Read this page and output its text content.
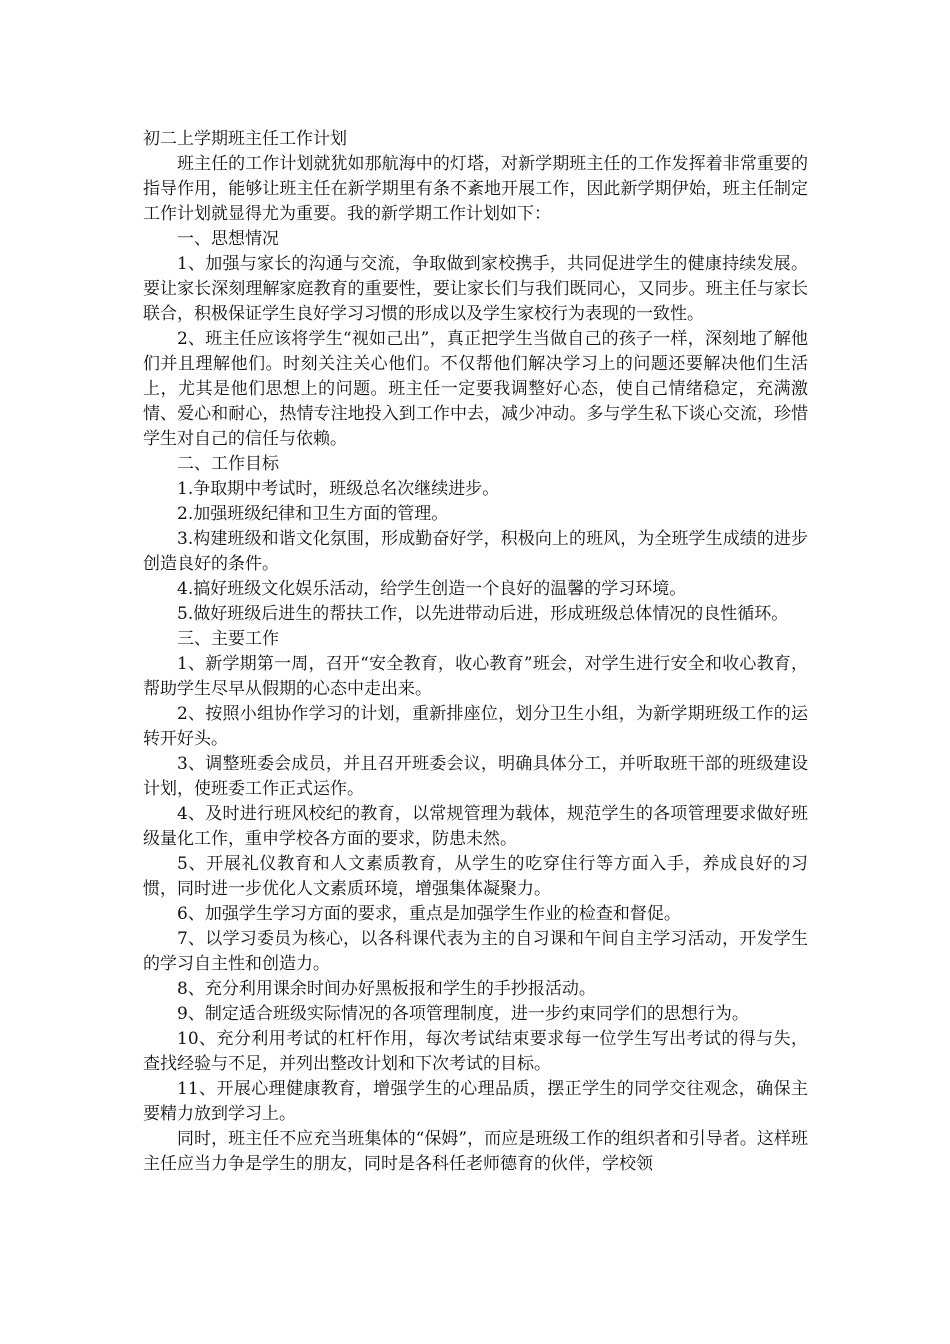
初二上学期班主任工作计划

班主任的工作计划就犹如那航海中的灯塔，对新学期班主任的工作发挥着非常重要的指导作用，能够让班主任在新学期里有条不紊地开展工作，因此新学期伊始，班主任制定工作计划就显得尤为重要。我的新学期工作计划如下：

一、思想情况

1、加强与家长的沟通与交流，争取做到家校携手，共同促进学生的健康持续发展。要让家长深刻理解家庭教育的重要性，要让家长们与我们既同心，又同步。班主任与家长联合，积极保证学生良好学习习惯的形成以及学生家校行为表现的一致性。

2、班主任应该将学生“视如己出”，真正把学生当做自己的孩子一样，深刻地了解他们并且理解他们。时刻关注关心他们。不仅帮他们解决学习上的问题还要解决他们生活上，尤其是他们思想上的问题。班主任一定要我调整好心态，使自己情绪稳定，充满激情、爱心和耐心，热情专注地投入到工作中去，减少冲动。多与学生私下谈心交流，珍惜学生对自己的信任与依赖。

二、工作目标

1.争取期中考试时，班级总名次继续进步。

2.加强班级纪律和卫生方面的管理。

3.构建班级和谐文化氛围，形成勤奋好学，积极向上的班风，为全班学生成绩的进步创造良好的条件。

4.搞好班级文化娱乐活动，给学生创造一个良好的温馨的学习环境。

5.做好班级后进生的帮扶工作，以先进带动后进，形成班级总体情况的良性循环。

三、主要工作

1、新学期第一周，召开“安全教育，收心教育”班会，对学生进行安全和收心教育，帮助学生尽早从假期的心态中走出来。

2、按照小组协作学习的计划，重新排座位，划分卫生小组，为新学期班级工作的运转开好头。

3、调整班委会成员，并且召开班委会议，明确具体分工，并听取班干部的班级建设计划，使班委工作正式运作。

4、及时进行班风校纪的教育，以常规管理为载体，规范学生的各项管理要求做好班级量化工作，重申学校各方面的要求，防患未然。

5、开展礼仪教育和人文素质教育，从学生的吃穿住行等方面入手，养成良好的习惯，同时进一步优化人文素质环境，增强集体凝聚力。

6、加强学生学习方面的要求，重点是加强学生作业的检查和督促。

7、以学习委员为核心，以各科课代表为主的自习课和午间自主学习活动，开发学生的学习自主性和创造力。

8、充分利用课余时间办好黑板报和学生的手抄报活动。

9、制定适合班级实际情况的各项管理制度，进一步约束同学们的思想行为。

10、充分利用考试的杠杆作用，每次考试结束要求每一位学生写出考试的得与失，查找经验与不足，并列出整改计划和下次考试的目标。

11、开展心理健康教育，增强学生的心理品质，摆正学生的同学交往观念，确保主要精力放到学习上。

同时，班主任不应充当班集体的“保姆”，而应是班级工作的组织者和引导者。这样班主任应当力争是学生的朋友，同时是各科任老师德育的伙伴，学校领
